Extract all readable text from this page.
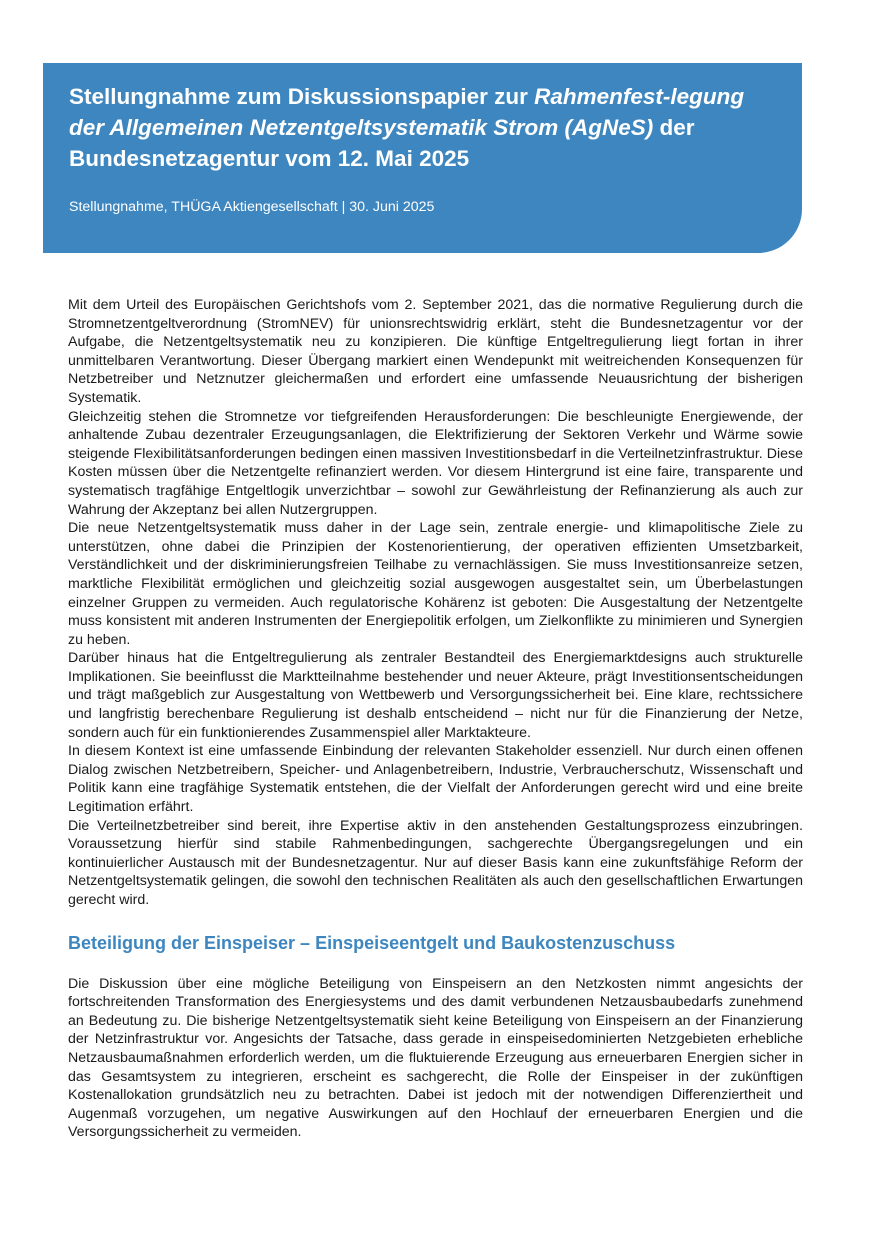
Stellungnahme zum Diskussionspapier zur Rahmenfest-legung der Allgemeinen Netzentgeltsystematik Strom (AgNeS) der Bundesnetzagentur vom 12. Mai 2025
Stellungnahme, THÜGA Aktiengesellschaft | 30. Juni 2025

Mit dem Urteil des Europäischen Gerichtshofs vom 2. September 2021, das die normative Regulierung durch die Stromnetzentgeltverordnung (StromNEV) für unionsrechtswidrig erklärt, steht die Bundesnetzagentur vor der Aufgabe, die Netzentgeltsystematik neu zu konzipieren. Die künftige Entgeltregulierung liegt fortan in ihrer unmittelbaren Verantwortung. Dieser Übergang markiert einen Wendepunkt mit weitreichenden Konsequenzen für Netzbetreiber und Netznutzer gleichermaßen und erfordert eine umfassende Neuausrichtung der bisherigen Systematik.

Gleichzeitig stehen die Stromnetze vor tiefgreifenden Herausforderungen: Die beschleunigte Energiewende, der anhaltende Zubau dezentraler Erzeugungsanlagen, die Elektrifizierung der Sektoren Verkehr und Wärme sowie steigende Flexibilitätsanforderungen bedingen einen massiven Investitionsbedarf in die Verteilnetzinfrastruktur. Diese Kosten müssen über die Netzentgelte refinanziert werden. Vor diesem Hintergrund ist eine faire, transparente und systematisch tragfähige Entgeltlogik unverzichtbar – sowohl zur Gewährleistung der Refinanzierung als auch zur Wahrung der Akzeptanz bei allen Nutzergruppen.

Die neue Netzentgeltsystematik muss daher in der Lage sein, zentrale energie- und klimapolitische Ziele zu unterstützen, ohne dabei die Prinzipien der Kostenorientierung, der operativen effizienten Umsetzbarkeit, Verständlichkeit und der diskriminierungsfreien Teilhabe zu vernachlässigen. Sie muss Investitionsanreize setzen, marktliche Flexibilität ermöglichen und gleichzeitig sozial ausgewogen ausgestaltet sein, um Überbelastungen einzelner Gruppen zu vermeiden. Auch regulatorische Kohärenz ist geboten: Die Ausgestaltung der Netzentgelte muss konsistent mit anderen Instrumenten der Energiepolitik erfolgen, um Zielkonflikte zu minimieren und Synergien zu heben.

Darüber hinaus hat die Entgeltregulierung als zentraler Bestandteil des Energiemarktdesigns auch strukturelle Implikationen. Sie beeinflusst die Marktteilnahme bestehender und neuer Akteure, prägt Investitionsentscheidungen und trägt maßgeblich zur Ausgestaltung von Wettbewerb und Versorgungssicherheit bei. Eine klare, rechtssichere und langfristig berechenbare Regulierung ist deshalb entscheidend – nicht nur für die Finanzierung der Netze, sondern auch für ein funktionierendes Zusammenspiel aller Marktakteure.

In diesem Kontext ist eine umfassende Einbindung der relevanten Stakeholder essenziell. Nur durch einen offenen Dialog zwischen Netzbetreibern, Speicher- und Anlagenbetreibern, Industrie, Verbraucherschutz, Wissenschaft und Politik kann eine tragfähige Systematik entstehen, die der Vielfalt der Anforderungen gerecht wird und eine breite Legitimation erfährt.

Die Verteilnetzbetreiber sind bereit, ihre Expertise aktiv in den anstehenden Gestaltungsprozess einzubringen. Voraussetzung hierfür sind stabile Rahmenbedingungen, sachgerechte Übergangsregelungen und ein kontinuierlicher Austausch mit der Bundesnetzagentur. Nur auf dieser Basis kann eine zukunftsfähige Reform der Netzentgeltsystematik gelingen, die sowohl den technischen Realitäten als auch den gesellschaftlichen Erwartungen gerecht wird.

Beteiligung der Einspeiser – Einspeiseentgelt und Baukostenzuschuss

Die Diskussion über eine mögliche Beteiligung von Einspeisern an den Netzkosten nimmt angesichts der fortschreitenden Transformation des Energiesystems und des damit verbundenen Netzausbaubedarfs zunehmend an Bedeutung zu. Die bisherige Netzentgeltsystematik sieht keine Beteiligung von Einspeisern an der Finanzierung der Netzinfrastruktur vor. Angesichts der Tatsache, dass gerade in einspeisedominierten Netzgebieten erhebliche Netzausbaumaßnahmen erforderlich werden, um die fluktuierende Erzeugung aus erneuerbaren Energien sicher in das Gesamtsystem zu integrieren, erscheint es sachgerecht, die Rolle der Einspeiser in der zukünftigen Kostenallokation grundsätzlich neu zu betrachten. Dabei ist jedoch mit der notwendigen Differenziertheit und Augenmaß vorzugehen, um negative Auswirkungen auf den Hochlauf der erneuerbaren Energien und die Versorgungssicherheit zu vermeiden.
